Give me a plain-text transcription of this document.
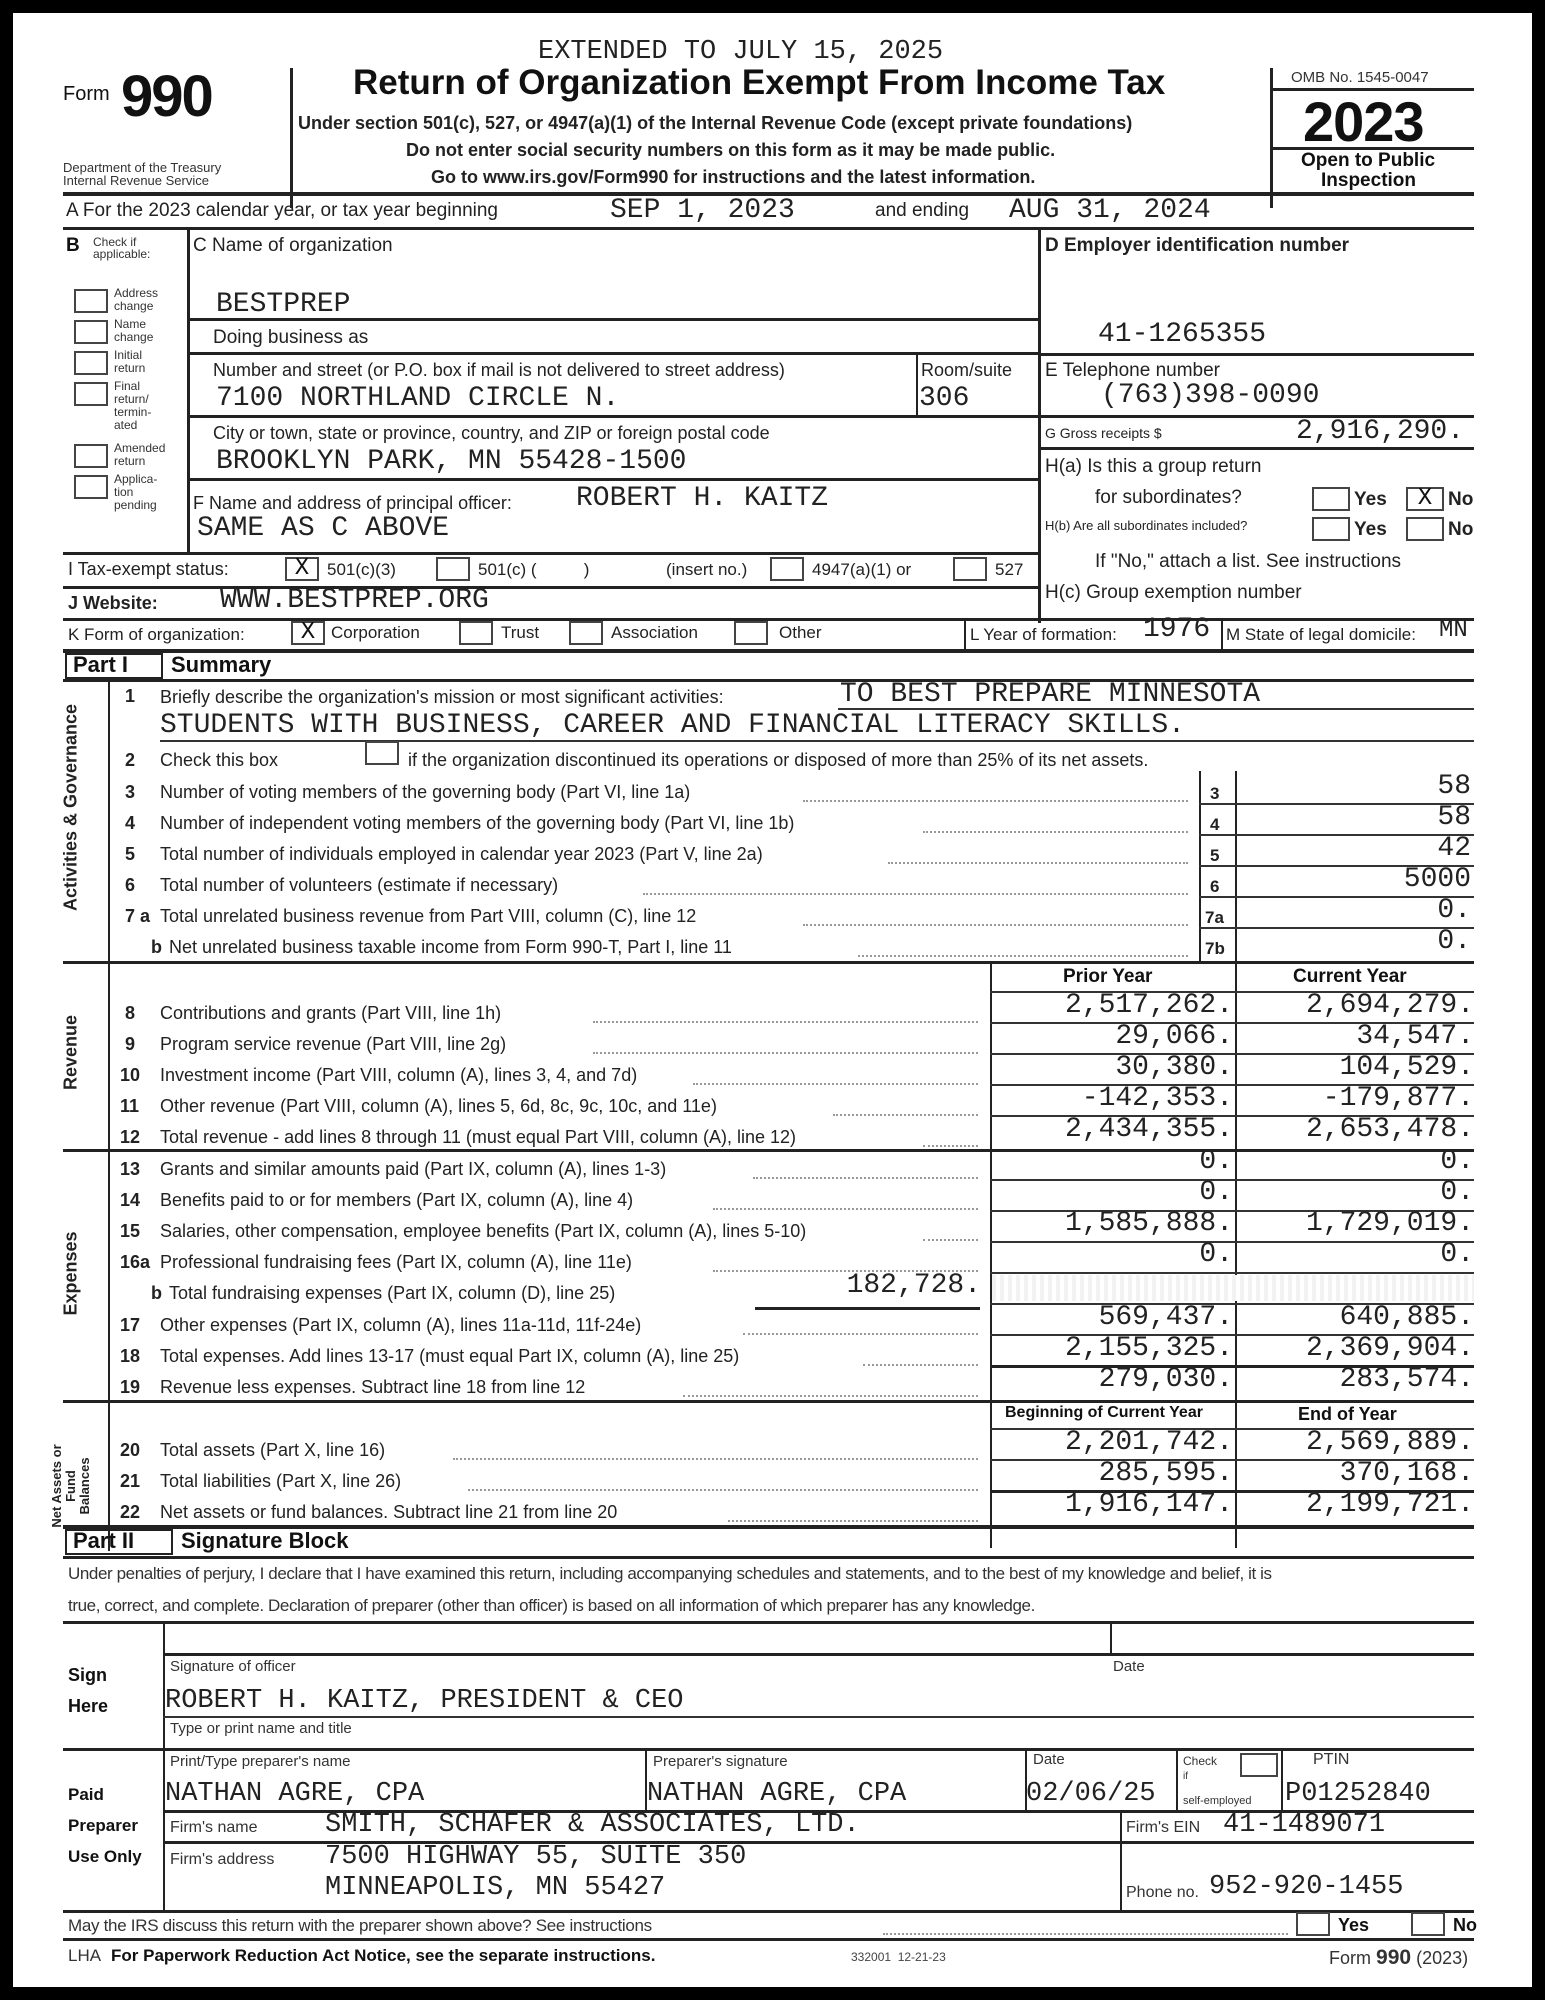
EXTENDED TO JULY 15, 2025
Form 990
Department of the Treasury
Internal Revenue Service
Return of Organization Exempt From Income Tax
Under section 501(c), 527, or 4947(a)(1) of the Internal Revenue Code (except private foundations)
Do not enter social security numbers on this form as it may be made public.
Go to www.irs.gov/Form990 for instructions and the latest information.
OMB No. 1545-0047
2023
Open to Public
Inspection
A For the 2023 calendar year, or tax year beginning	SEP 1, 2023	and ending AUG 31, 2024
B Check if
applicable:
Address
change
Name
change
Initial
return
Final
return/ termin-ated
Amended
return
Applica-
tion pending
C Name of organization
BESTPREP
Doing business as
Number and street (or P.O. box if mail is not delivered to street address)
7100 NORTHLAND CIRCLE N.
Room/suite
306
City or town, state or province, country, and ZIP or foreign postal code
BROOKLYN PARK, MN 55428-1500
F Name and address of principal officer: ROBERT H. KAITZ
SAME AS C ABOVE
D Employer identification number
41-1265355
E Telephone number
(763)398-0090
G Gross receipts $	2,916,290.
H(a) Is this a group return
for subordinates?	Yes	X No
H(b) Are all subordinates included?	Yes	No
If "No," attach a list. See instructions
H(c) Group exemption number
I Tax-exempt status:	X	501(c)(3)	501(c) (          )	(insert no.)	4947(a)(1) or	527
J Website: WWW.BESTPREP.ORG
K Form of organization:	X Corporation	Trust	Association	Other	L Year of formation: 1976 M State of legal domicile: MN
Part I Summary
Activities & Governance
Revenue
Expenses
Net Assets or Fund Balances
1 Briefly describe the organization's mission or most significant activities:	TO BEST PREPARE MINNESOTA
STUDENTS WITH BUSINESS, CAREER AND FINANCIAL LITERACY SKILLS.
2 Check this box	if the organization discontinued its operations or disposed of more than 25% of its net assets.
3 Number of voting members of the governing body (Part VI, line 1a)	3	58
4 Number of independent voting members of the governing body (Part VI, line 1b)	4	58
5 Total number of individuals employed in calendar year 2023 (Part V, line 2a)	5	42
6 Total number of volunteers (estimate if necessary)	6	5000
7 a Total unrelated business revenue from Part VIII, column (C), line 12	7a	0.
b Net unrelated business taxable income from Form 990-T, Part I, line 11	7b	0.
Prior Year	Current Year
8 Contributions and grants (Part VIII, line 1h)	2,517,262.	2,694,279.
9 Program service revenue (Part VIII, line 2g)	29,066.	34,547.
10 Investment income (Part VIII, column (A), lines 3, 4, and 7d)	30,380.	104,529.
11 Other revenue (Part VIII, column (A), lines 5, 6d, 8c, 9c, 10c, and 11e)	-142,353.	-179,877.
12 Total revenue - add lines 8 through 11 (must equal Part VIII, column (A), line 12)	2,434,355.	2,653,478.
13 Grants and similar amounts paid (Part IX, column (A), lines 1-3)	0.	0.
14 Benefits paid to or for members (Part IX, column (A), line 4)	0.	0.
15 Salaries, other compensation, employee benefits (Part IX, column (A), lines 5-10)	1,585,888.	1,729,019.
16a Professional fundraising fees (Part IX, column (A), line 11e)	0.	0.
b Total fundraising expenses (Part IX, column (D), line 25)	182,728.
17 Other expenses (Part IX, column (A), lines 11a-11d, 11f-24e)	569,437.	640,885.
18 Total expenses. Add lines 13-17 (must equal Part IX, column (A), line 25)	2,155,325.	2,369,904.
19 Revenue less expenses. Subtract line 18 from line 12	279,030.	283,574.
Beginning of Current Year	End of Year
20 Total assets (Part X, line 16)	2,201,742.	2,569,889.
21 Total liabilities (Part X, line 26)	285,595.	370,168.
22 Net assets or fund balances. Subtract line 21 from line 20	1,916,147.	2,199,721.
Part II Signature Block
Under penalties of perjury, I declare that I have examined this return, including accompanying schedules and statements, and to the best of my knowledge and belief, it is
true, correct, and complete. Declaration of preparer (other than officer) is based on all information of which preparer has any knowledge.
Sign
Here
Signature of officer	Date
ROBERT H. KAITZ, PRESIDENT & CEO
Type or print name and title
Paid
Preparer
Use Only
Print/Type preparer's name
NATHAN AGRE, CPA
Preparer's signature
NATHAN AGRE, CPA
Date
02/06/25
Check
if
self-employed
PTIN
P01252840
Firm's name SMITH, SCHAFER & ASSOCIATES, LTD.	Firm's EIN 41-1489071
Firm's address 7500 HIGHWAY 55, SUITE 350
MINNEAPOLIS, MN 55427	Phone no. 952-920-1455
May the IRS discuss this return with the preparer shown above? See instructions	Yes	No
LHA For Paperwork Reduction Act Notice, see the separate instructions.	332001  12-21-23	Form 990 (2023)
